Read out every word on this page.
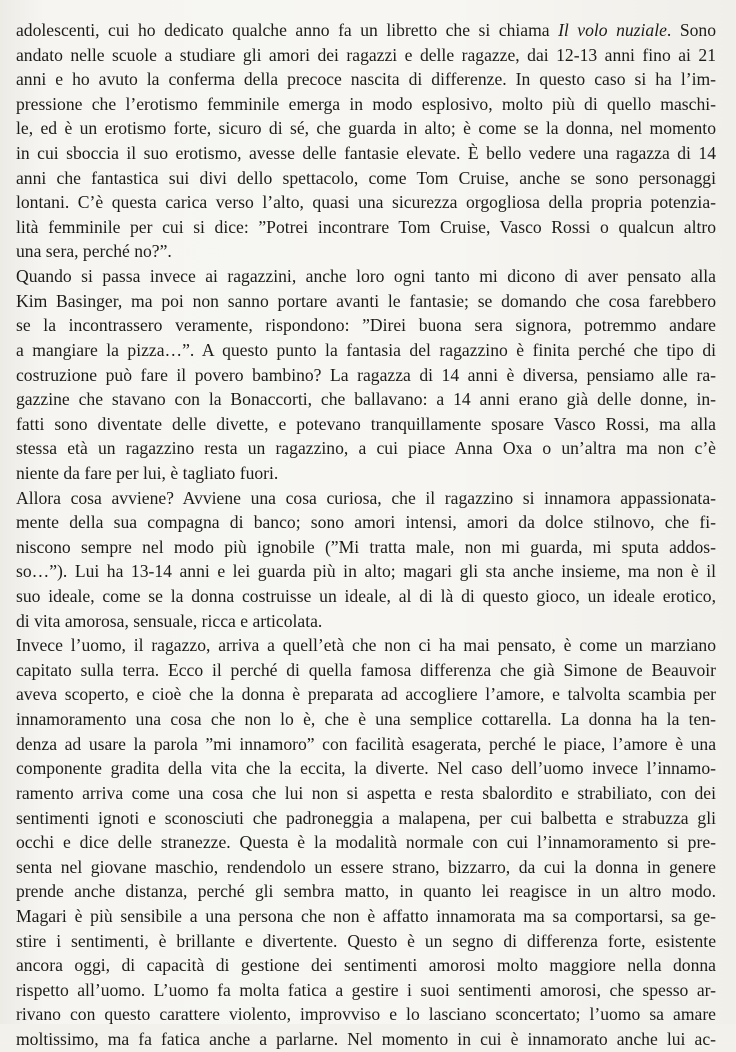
adolescenti, cui ho dedicato qualche anno fa un libretto che si chiama Il volo nuziale. Sono
andato nelle scuole a studiare gli amori dei ragazzi e delle ragazze, dai 12-13 anni fino ai 21
anni e ho avuto la conferma della precoce nascita di differenze. In questo caso si ha l’im-
pressione che l’erotismo femminile emerga in modo esplosivo, molto più di quello maschi-
le, ed è un erotismo forte, sicuro di sé, che guarda in alto; è come se la donna, nel momento
in cui sboccia il suo erotismo, avesse delle fantasie elevate. È bello vedere una ragazza di 14
anni che fantastica sui divi dello spettacolo, come Tom Cruise, anche se sono personaggi
lontani. C’è questa carica verso l’alto, quasi una sicurezza orgogliosa della propria potenzia-
lità femminile per cui si dice: ”Potrei incontrare Tom Cruise, Vasco Rossi o qualcun altro
una sera, perché no?”.
Quando si passa invece ai ragazzini, anche loro ogni tanto mi dicono di aver pensato alla
Kim Basinger, ma poi non sanno portare avanti le fantasie; se domando che cosa farebbero
se la incontrassero veramente, rispondono: ”Direi buona sera signora, potremmo andare
a mangiare la pizza…”. A questo punto la fantasia del ragazzino è finita perché che tipo di
costruzione può fare il povero bambino? La ragazza di 14 anni è diversa, pensiamo alle ra-
gazzine che stavano con la Bonaccorti, che ballavano: a 14 anni erano già delle donne, in-
fatti sono diventate delle divette, e potevano tranquillamente sposare Vasco Rossi, ma alla
stessa età un ragazzino resta un ragazzino, a cui piace Anna Oxa o un’altra ma non c’è
niente da fare per lui, è tagliato fuori.
Allora cosa avviene? Avviene una cosa curiosa, che il ragazzino si innamora appassionata-
mente della sua compagna di banco; sono amori intensi, amori da dolce stilnovo, che fi-
niscono sempre nel modo più ignobile (”Mi tratta male, non mi guarda, mi sputa addos-
so…”). Lui ha 13-14 anni e lei guarda più in alto; magari gli sta anche insieme, ma non è il
suo ideale, come se la donna costruisse un ideale, al di là di questo gioco, un ideale erotico,
di vita amorosa, sensuale, ricca e articolata.
Invece l’uomo, il ragazzo, arriva a quell’età che non ci ha mai pensato, è come un marziano
capitato sulla terra. Ecco il perché di quella famosa differenza che già Simone de Beauvoir
aveva scoperto, e cioè che la donna è preparata ad accogliere l’amore, e talvolta scambia per
innamoramento una cosa che non lo è, che è una semplice cottarella. La donna ha la ten-
denza ad usare la parola ”mi innamoro” con facilità esagerata, perché le piace, l’amore è una
componente gradita della vita che la eccita, la diverte. Nel caso dell’uomo invece l’innamo-
ramento arriva come una cosa che lui non si aspetta e resta sbalordito e strabiliato, con dei
sentimenti ignoti e sconosciuti che padroneggia a malapena, per cui balbetta e strabuzza gli
occhi e dice delle stranezze. Questa è la modalità normale con cui l’innamoramento si pre-
senta nel giovane maschio, rendendolo un essere strano, bizzarro, da cui la donna in genere
prende anche distanza, perché gli sembra matto, in quanto lei reagisce in un altro modo.
Magari è più sensibile a una persona che non è affatto innamorata ma sa comportarsi, sa ge-
stire i sentimenti, è brillante e divertente. Questo è un segno di differenza forte, esistente
ancora oggi, di capacità di gestione dei sentimenti amorosi molto maggiore nella donna
rispetto all’uomo. L’uomo fa molta fatica a gestire i suoi sentimenti amorosi, che spesso ar-
rivano con questo carattere violento, improvviso e lo lasciano sconcertato; l’uomo sa amare
moltissimo, ma fa fatica anche a parlarne. Nel momento in cui è innamorato anche lui ac-
